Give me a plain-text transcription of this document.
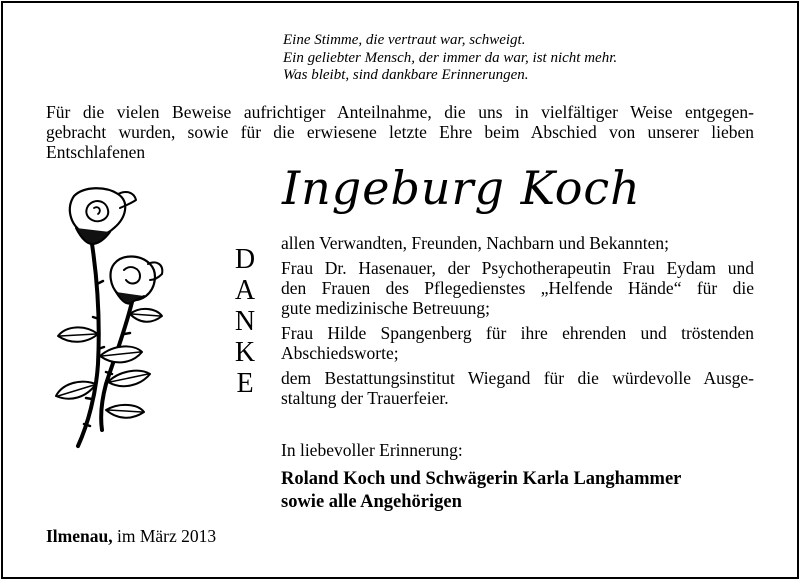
Eine Stimme, die vertraut war, schweigt.
Ein geliebter Mensch, der immer da war, ist nicht mehr.
Was bleibt, sind dankbare Erinnerungen.
Für die vielen Beweise aufrichtiger Anteilnahme, die uns in vielfältiger Weise entgegen-
gebracht wurden, sowie für die erwiesene letzte Ehre beim Abschied von unserer lieben
Entschlafenen
Ingeburg Koch
D
A
N
K
E
allen Verwandten, Freunden, Nachbarn und Bekannten;
Frau Dr. Hasenauer, der Psychotherapeutin Frau Eydam und
den Frauen des Pflegedienstes „Helfende Hände“ für die
gute medizinische Betreuung;
Frau Hilde Spangenberg für ihre ehrenden und tröstenden
Abschiedsworte;
dem Bestattungsinstitut Wiegand für die würdevolle Ausge-
staltung der Trauerfeier.
In liebevoller Erinnerung:
Roland Koch und Schwägerin Karla Langhammer
sowie alle Angehörigen
Ilmenau, im März 2013
